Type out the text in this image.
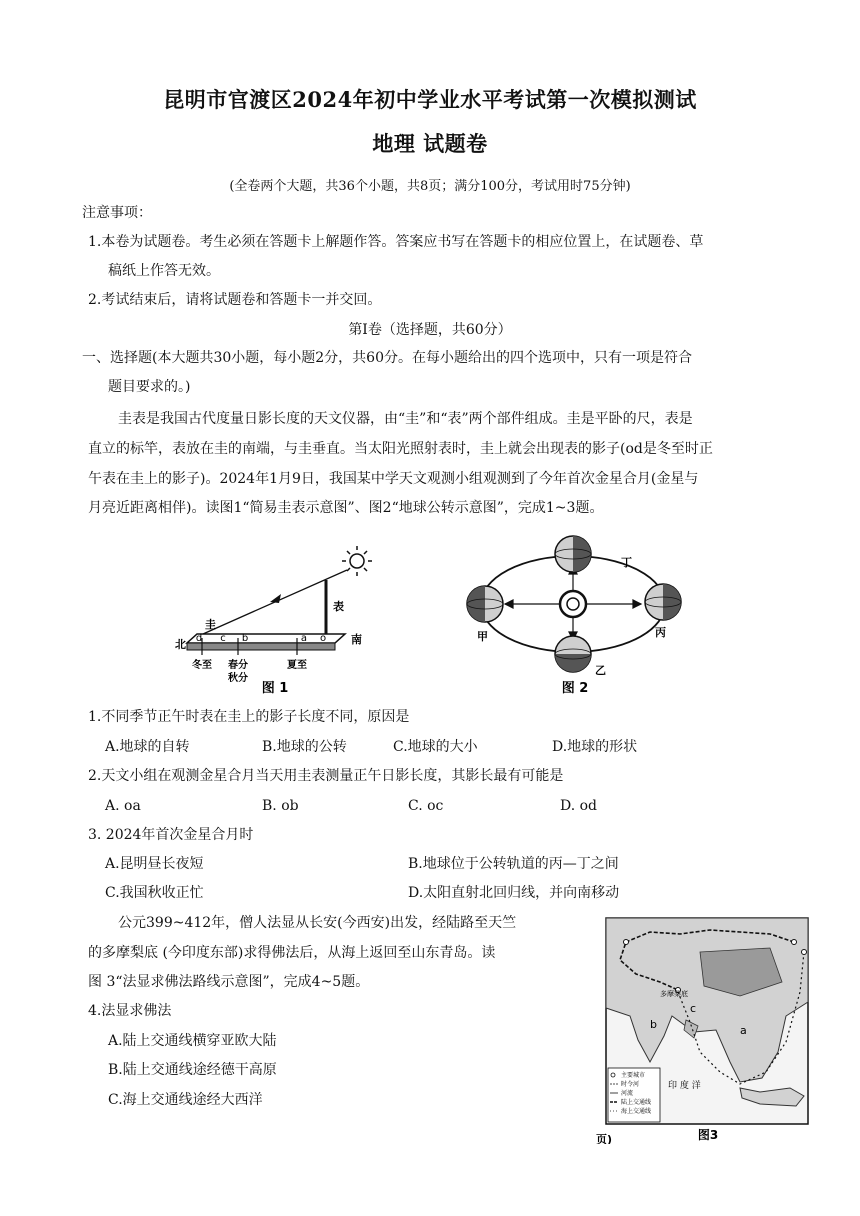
昆明市官渡区2024年初中学业水平考试第一次模拟测试
地理 试题卷
(全卷两个大题，共36个小题，共8页；满分100分，考试用时75分钟)
注意事项：
1.本卷为试题卷。考生必须在答题卡上解题作答。答案应书写在答题卡的相应位置上，在试题卷、草
稿纸上作答无效。
2.考试结束后，请将试题卷和答题卡一并交回。
第Ⅰ卷（选择题，共60分）
一、选择题(本大题共30小题，每小题2分，共60分。在每小题给出的四个选项中，只有一项是符合
题目要求的。)
圭表是我国古代度量日影长度的天文仪器，由“圭”和“表”两个部件组成。圭是平卧的尺，表是
直立的标竿，表放在圭的南端，与圭垂直。当太阳光照射表时，圭上就会出现表的影子(od是冬至时正
午表在圭上的影子)。2024年1月9日，我国某中学天文观测小组观测到了今年首次金星合月(金星与
月亮近距离相伴)。读图1“简易圭表示意图”、图2“地球公转示意图”，完成1~3题。
d c b	a o
圭
表
北	南
冬至 春分
秋分
夏至
图 1
丁
甲	丙
乙
图 2
1.不同季节正午时表在圭上的影子长度不同，原因是
A.地球的自转	B.地球的公转	C.地球的大小	D.地球的形状
2.天文小组在观测金星合月当天用圭表测量正午日影长度，其影长最有可能是
A. oa	B. ob	C. oc	D. od
3. 2024年首次金星合月时
A.昆明昼长夜短	B.地球位于公转轨道的丙—丁之间
C.我国秋收正忙	D.太阳直射北回归线，并向南移动
公元399~412年，僧人法显从长安(今西安)出发，经陆路至天竺
的多摩梨底 (今印度东部)求得佛法后，从海上返回至山东青岛。读
图 3“法显求佛法路线示意图”，完成4~5题。
4.法显求佛法
A.陆上交通线横穿亚欧大陆
B.陆上交通线途经德干高原
C.海上交通线途经大西洋
多摩梨底
a
b
c
印 度 洋
主要城市
时令河
河流
陆上交通线
海上交通线
图3
页)
